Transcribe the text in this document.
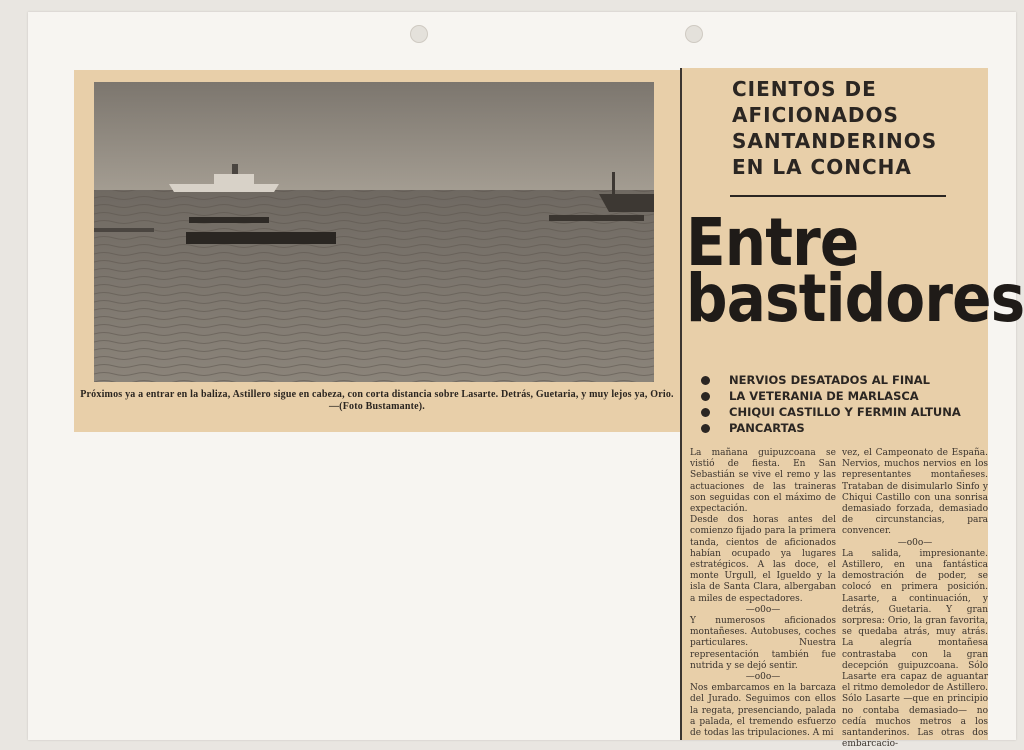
Próximos ya a entrar en la baliza, Astillero sigue en cabeza, con corta distancia sobre Lasarte. Detrás, Guetaria, y muy lejos ya, Orio.—(Foto Bustamante).
CIENTOS DE
AFICIONADOS
SANTANDERINOS
EN LA CONCHA
Entre
bastidores
NERVIOS DESATADOS AL FINAL
LA VETERANIA DE MARLASCA
CHIQUI CASTILLO Y FERMIN ALTUNA
PANCARTAS

La mañana guipuzcoana se vistió de fiesta. En San Sebastián se vive el remo y las actuaciones de las traineras son seguidas con el máximo de expectación.

Desde dos horas antes del comienzo fijado para la primera tanda, cientos de aficionados habían ocupado ya lugares estratégicos. A las doce, el monte Urgull, el Igueldo y la isla de Santa Clara, albergaban a miles de espectadores.

—o0o—

Y numerosos aficionados montañeses. Autobuses, coches particulares. Nuestra representación también fue nutrida y se dejó sentir.

—o0o—

Nos embarcamos en la barcaza del Jurado. Seguimos con ellos la regata, presenciando, palada a palada, el tremendo esfuerzo de todas las tripulaciones. A mi

vez, el Campeonato de España. Nervios, muchos nervios en los representantes montañeses. Trataban de disimularlo Sinfo y Chiqui Castillo con una sonrisa demasiado forzada, demasiado de circunstancias, para convencer.

—o0o—

La salida, impresionante. Astillero, en una fantástica demostración de poder, se colocó en primera posición. Lasarte, a continuación, y detrás, Guetaria. Y gran sorpresa: Orio, la gran favorita, se quedaba atrás, muy atrás. La alegría montañesa contrastaba con la gran decepción guipuzcoana. Sólo Lasarte era capaz de aguantar el ritmo demoledor de Astillero. Sólo Lasarte —que en principio no contaba demasiado— no cedía muchos metros a los santanderinos. Las otras dos embarcacio-
